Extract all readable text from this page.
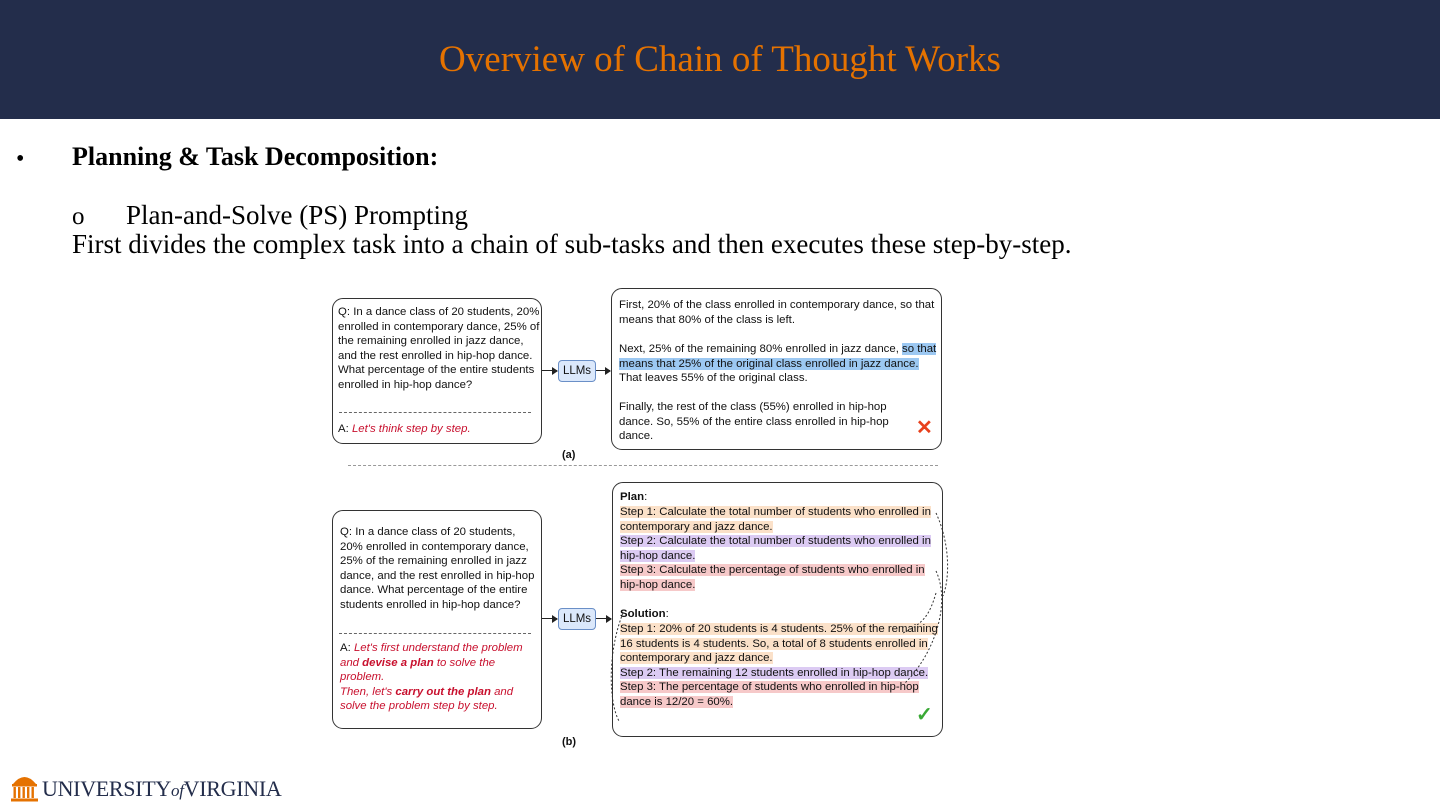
Overview of Chain of Thought Works
• Planning & Task Decomposition:
o Plan-and-Solve (PS) Prompting
First divides the complex task into a chain of sub-tasks and then executes these step-by-step.
Q: In a dance class of 20 students, 20% enrolled in contemporary dance, 25% of the remaining enrolled in jazz dance, and the rest enrolled in hip-hop dance. What percentage of the entire students enrolled in hip-hop dance?
A: Let's think step by step.
LLMs
First, 20% of the class enrolled in contemporary dance, so that means that 80% of the class is left.
Next, 25% of the remaining 80% enrolled in jazz dance, so that means that 25% of the original class enrolled in jazz dance. That leaves 55% of the original class.
Finally, the rest of the class (55%) enrolled in hip-hop dance. So, 55% of the entire class enrolled in hip-hop dance.	✕
(a)
Q: In a dance class of 20 students, 20% enrolled in contemporary dance, 25% of the remaining enrolled in jazz dance, and the rest enrolled in hip-hop dance. What percentage of the entire students enrolled in hip-hop dance?
A: Let's first understand the problem and devise a plan to solve the problem.
Then, let's carry out the plan and solve the problem step by step.
LLMs
Plan:
Step 1: Calculate the total number of students who enrolled in contemporary and jazz dance.
Step 2: Calculate the total number of students who enrolled in hip-hop dance.
Step 3: Calculate the percentage of students who enrolled in hip-hop dance.
Solution:
Step 1: 20% of 20 students is 4 students. 25% of the remaining 16 students is 4 students. So, a total of 8 students enrolled in contemporary and jazz dance.
Step 2: The remaining 12 students enrolled in hip-hop dance.
Step 3: The percentage of students who enrolled in hip-hop dance is 12/20 = 60%.
✓
(b)
UNIVERSITYofVIRGINIA
